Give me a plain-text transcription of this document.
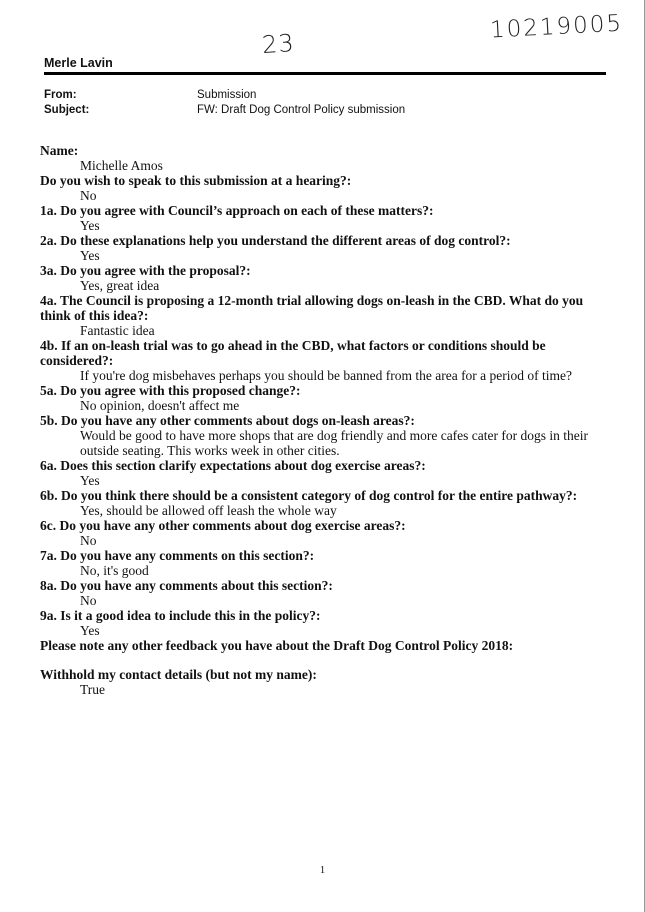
23
10219005
Merle Lavin
From:	Submission
Subject:	FW: Draft Dog Control Policy submission
Name:
Michelle Amos
Do you wish to speak to this submission at a hearing?:
No
1a. Do you agree with Council’s approach on each of these matters?:
Yes
2a. Do these explanations help you understand the different areas of dog control?:
Yes
3a. Do you agree with the proposal?:
Yes, great idea
4a. The Council is proposing a 12-month trial allowing dogs on-leash in the CBD. What do you think of this idea?:
Fantastic idea
4b. If an on-leash trial was to go ahead in the CBD, what factors or conditions should be considered?:
If you're dog misbehaves perhaps you should be banned from the area for a period of time?
5a. Do you agree with this proposed change?:
No opinion, doesn't affect me
5b. Do you have any other comments about dogs on-leash areas?:
Would be good to have more shops that are dog friendly and more cafes cater for dogs in their outside seating. This works week in other cities.
6a. Does this section clarify expectations about dog exercise areas?:
Yes
6b. Do you think there should be a consistent category of dog control for the entire pathway?:
Yes, should be allowed off leash the whole way
6c. Do you have any other comments about dog exercise areas?:
No
7a. Do you have any comments on this section?:
No, it's good
8a. Do you have any comments about this section?:
No
9a. Is it a good idea to include this in the policy?:
Yes
Please note any other feedback you have about the Draft Dog Control Policy 2018:
Withhold my contact details (but not my name):
True
1
